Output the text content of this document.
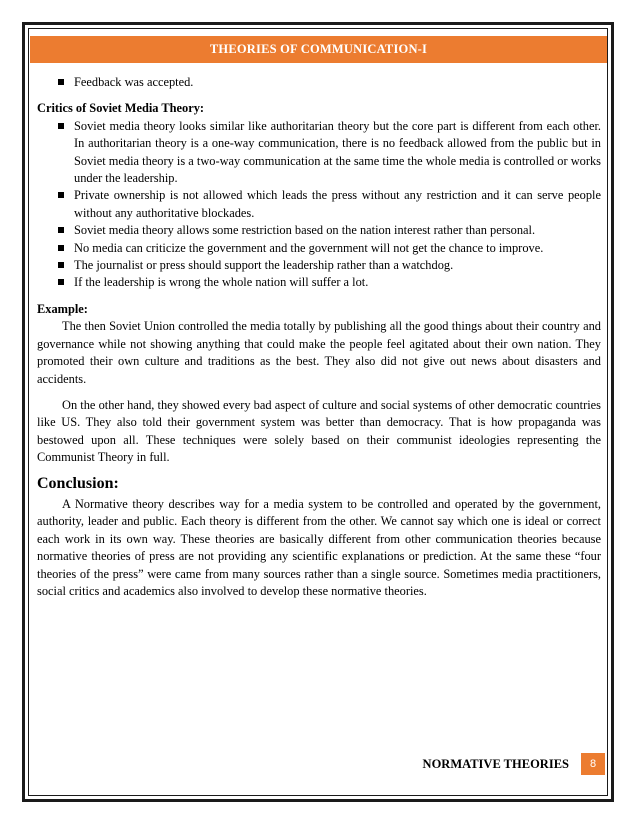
THEORIES OF COMMUNICATION-I
Feedback was accepted.

Critics of Soviet Media Theory:

Soviet media theory looks similar like authoritarian theory but the core part is different from each other. In authoritarian theory is a one-way communication, there is no feedback allowed from the public but in Soviet media theory is a two-way communication at the same time the whole media is controlled or works under the leadership.
Private ownership is not allowed which leads the press without any restriction and it can serve people without any authoritative blockades.
Soviet media theory allows some restriction based on the nation interest rather than personal.
No media can criticize the government and the government will not get the chance to improve.
The journalist or press should support the leadership rather than a watchdog.
If the leadership is wrong the whole nation will suffer a lot.

Example:

The then Soviet Union controlled the media totally by publishing all the good things about their country and governance while not showing anything that could make the people feel agitated about their own nation. They promoted their own culture and traditions as the best. They also did not give out news about disasters and accidents.

On the other hand, they showed every bad aspect of culture and social systems of other democratic countries like US. They also told their government system was better than democracy. That is how propaganda was bestowed upon all. These techniques were solely based on their communist ideologies representing the Communist Theory in full.

Conclusion:

A Normative theory describes way for a media system to be controlled and operated by the government, authority, leader and public. Each theory is different from the other. We cannot say which one is ideal or correct each work in its own way. These theories are basically different from other communication theories because normative theories of press are not providing any scientific explanations or prediction. At the same these “four theories of the press” were came from many sources rather than a single source. Sometimes media practitioners, social critics and academics also involved to develop these normative theories.

NORMATIVE THEORIES	8
